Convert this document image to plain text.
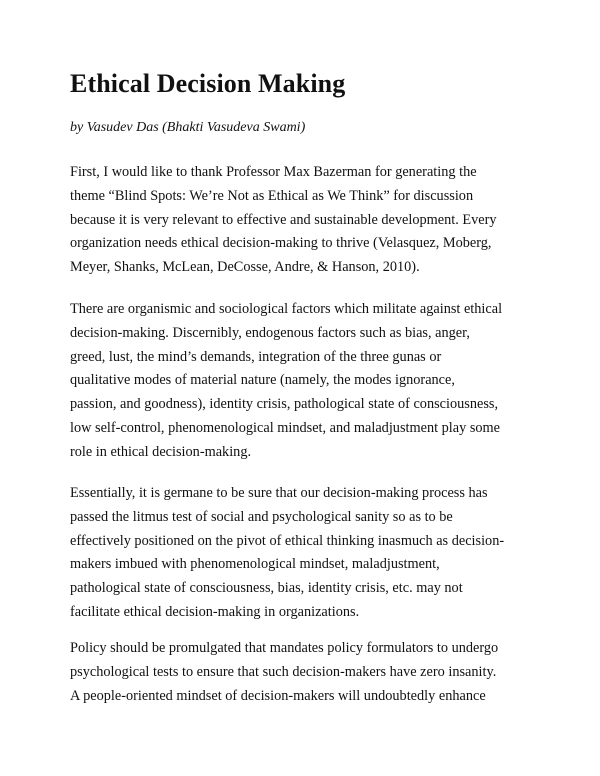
Ethical Decision Making

by Vasudev Das (Bhakti Vasudeva Swami)

First, I would like to thank Professor Max Bazerman for generating the
theme “Blind Spots: We’re Not as Ethical as We Think” for discussion
because it is very relevant to effective and sustainable development. Every
organization needs ethical decision-making to thrive (Velasquez, Moberg,
Meyer, Shanks, McLean, DeCosse, Andre, & Hanson, 2010).

There are organismic and sociological factors which militate against ethical
decision-making. Discernibly, endogenous factors such as bias, anger,
greed, lust, the mind’s demands, integration of the three gunas or
qualitative modes of material nature (namely, the modes ignorance,
passion, and goodness), identity crisis, pathological state of consciousness,
low self-control, phenomenological mindset, and maladjustment play some
role in ethical decision-making.

Essentially, it is germane to be sure that our decision-making process has
passed the litmus test of social and psychological sanity so as to be
effectively positioned on the pivot of ethical thinking inasmuch as decision-
makers imbued with phenomenological mindset, maladjustment,
pathological state of consciousness, bias, identity crisis, etc. may not
facilitate ethical decision-making in organizations.

Policy should be promulgated that mandates policy formulators to undergo
psychological tests to ensure that such decision-makers have zero insanity.
A people-oriented mindset of decision-makers will undoubtedly enhance
